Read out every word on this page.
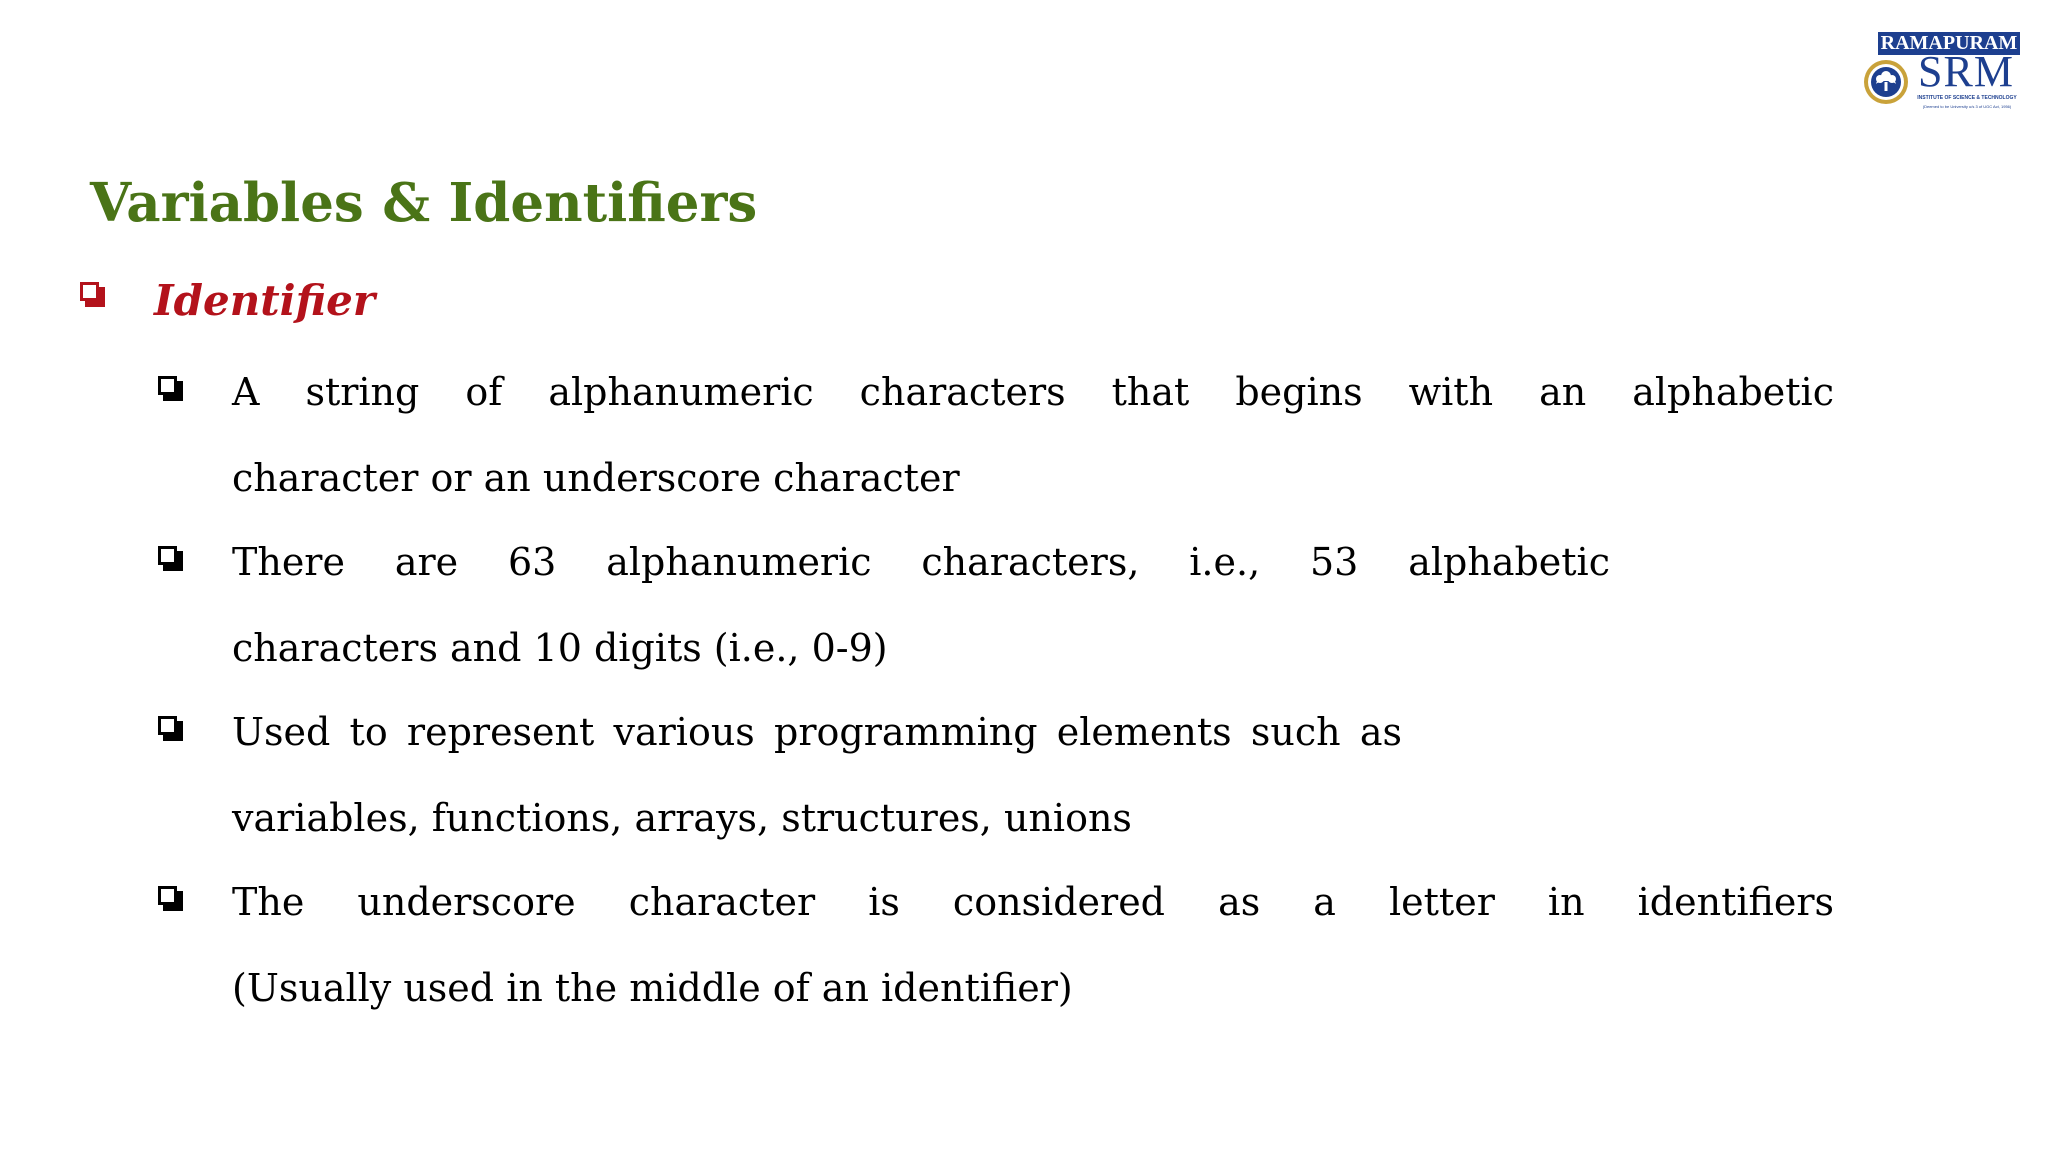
RAMAPURAM
SRM
INSTITUTE OF SCIENCE & TECHNOLOGY
(Deemed to be University u/s 3 of UGC Act, 1956)
Variables & Identifiers
Identifier
A string of alphanumeric characters that begins with an alphabetic
character or an underscore character
There are 63 alphanumeric characters, i.e., 53 alphabetic
characters and 10 digits (i.e., 0-9)
Used to represent various programming elements such as
variables, functions, arrays, structures, unions
The underscore character is considered as a letter in identifiers
(Usually used in the middle of an identifier)
